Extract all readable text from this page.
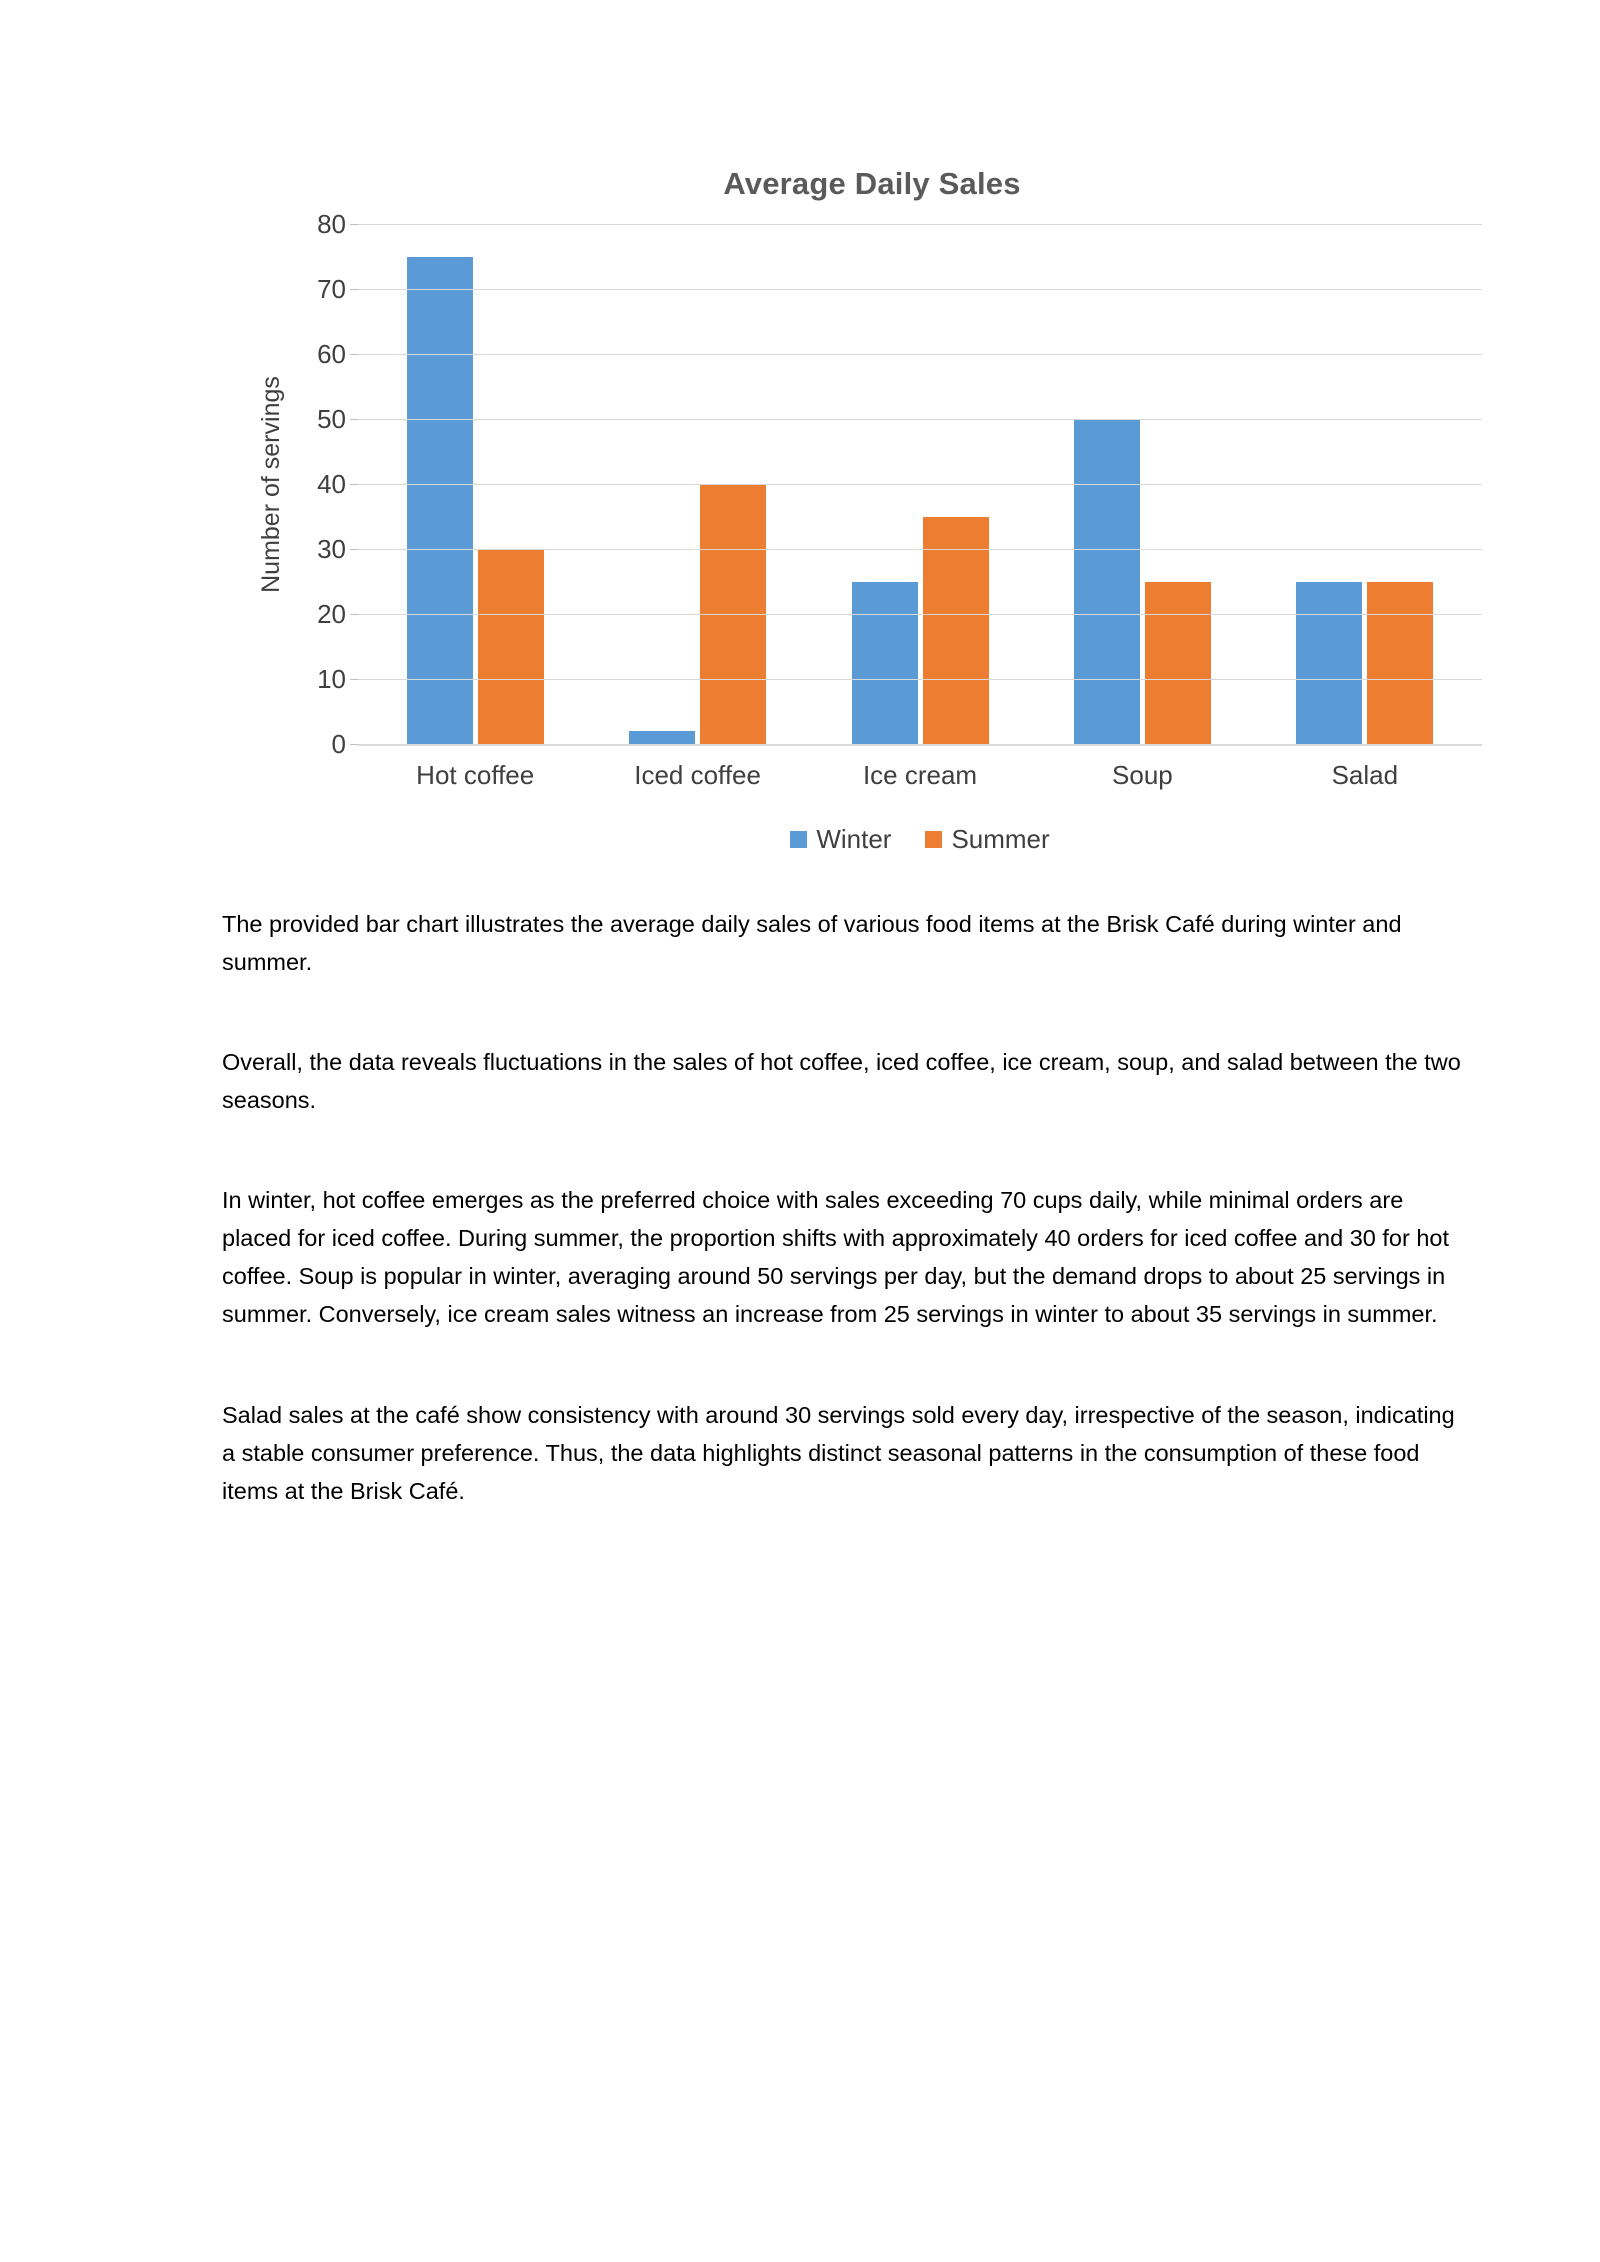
Average Daily Sales
Number of servings
0
10
20
30
40
50
60
70
80
Hot coffee	Iced coffee	Ice cream	Soup	Salad
Winter Summer

The provided bar chart illustrates the average daily sales of various food items at the Brisk Café during winter and summer.

Overall, the data reveals fluctuations in the sales of hot coffee, iced coffee, ice cream, soup, and salad between the two seasons.

In winter, hot coffee emerges as the preferred choice with sales exceeding 70 cups daily, while minimal orders are placed for iced coffee. During summer, the proportion shifts with approximately 40 orders for iced coffee and 30 for hot coffee. Soup is popular in winter, averaging around 50 servings per day, but the demand drops to about 25 servings in summer. Conversely, ice cream sales witness an increase from 25 servings in winter to about 35 servings in summer.

Salad sales at the café show consistency with around 30 servings sold every day, irrespective of the season, indicating a stable consumer preference. Thus, the data highlights distinct seasonal patterns in the consumption of these food items at the Brisk Café.
